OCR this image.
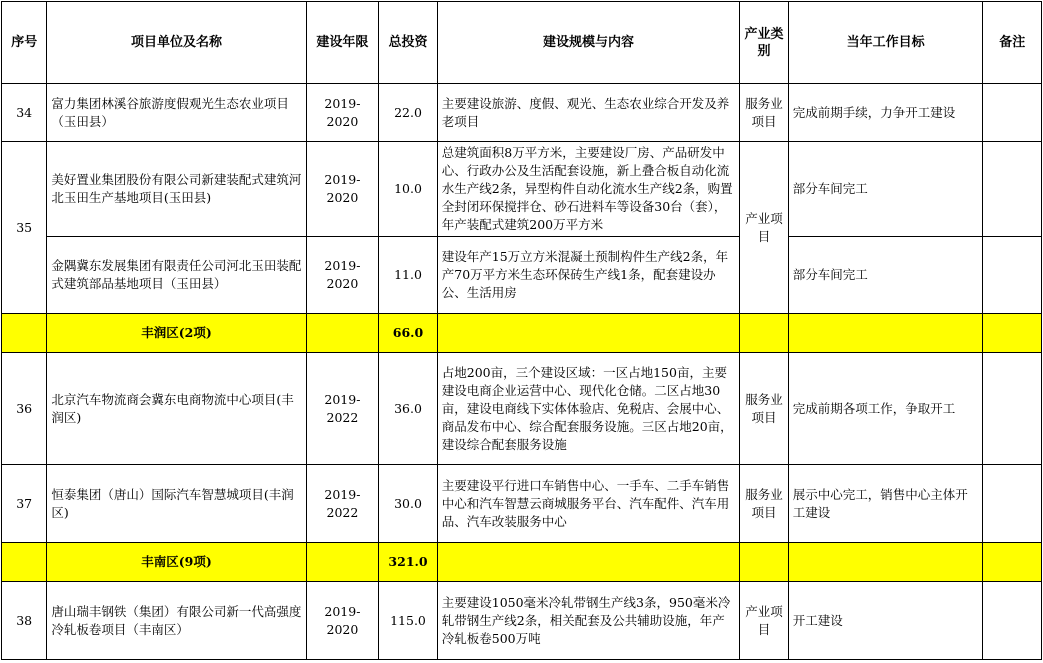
序号	项目单位及名称	建设年限	总投资	建设规模与内容	产业类别	当年工作目标	备注
34	富力集团林溪谷旅游度假观光生态农业项目（玉田县）	2019-2020	22.0	主要建设旅游、度假、观光、生态农业综合开发及养老项目	服务业项目	完成前期手续，力争开工建设	
35	美好置业集团股份有限公司新建装配式建筑河北玉田生产基地项目(玉田县)	2019-2020	10.0	总建筑面积8万平方米，主要建设厂房、产品研发中心、行政办公及生活配套设施，新上叠合板自动化流水生产线2条，异型构件自动化流水生产线2条，购置全封闭环保搅拌仓、砂石进料车等设备30台（套），年产装配式建筑200万平方米	产业项目	部分车间完工	
	金隅冀东发展集团有限责任公司河北玉田装配式建筑部品基地项目（玉田县）	2019-2020	11.0	建设年产15万立方米混凝土预制构件生产线2条，年产70万平方米生态环保砖生产线1条，配套建设办公、生活用房		部分车间完工	
	丰润区(2项)		66.0				
36	北京汽车物流商会冀东电商物流中心项目(丰润区)	2019-2022	36.0	占地200亩，三个建设区域：一区占地150亩，主要建设电商企业运营中心、现代化仓储。二区占地30亩，建设电商线下实体体验店、免税店、会展中心、商品发布中心、综合配套服务设施。三区占地20亩，建设综合配套服务设施	服务业项目	完成前期各项工作，争取开工	
37	恒泰集团（唐山）国际汽车智慧城项目(丰润区)	2019-2022	30.0	主要建设平行进口车销售中心、一手车、二手车销售中心和汽车智慧云商城服务平台、汽车配件、汽车用品、汽车改装服务中心	服务业项目	展示中心完工，销售中心主体开工建设	
	丰南区(9项)		321.0				
38	唐山瑞丰钢铁（集团）有限公司新一代高强度冷轧板卷项目（丰南区）	2019-2020	115.0	主要建设1050毫米冷轧带钢生产线3条，950毫米冷轧带钢生产线2条，相关配套及公共辅助设施，年产冷轧板卷500万吨	产业项目	开工建设	
